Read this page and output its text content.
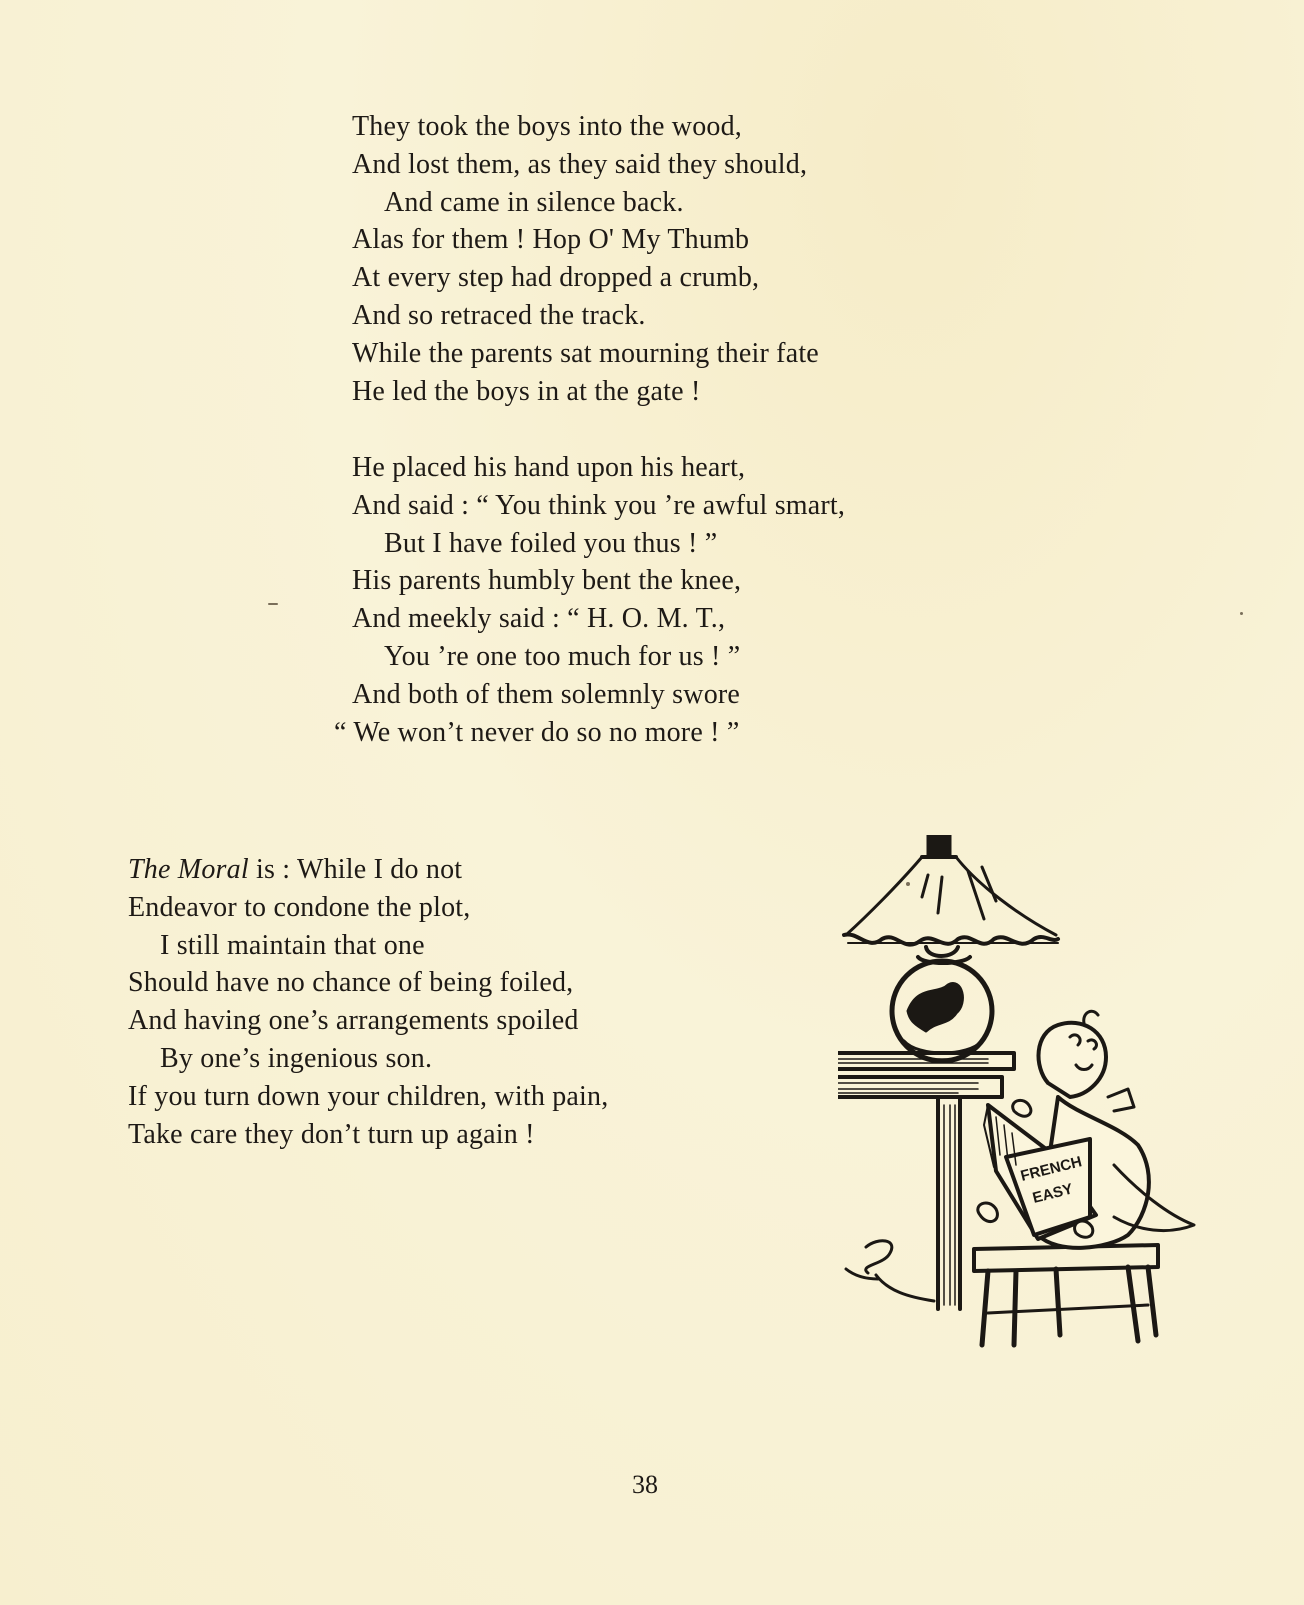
They took the boys into the wood,
And lost them, as they said they should,
And came in silence back.
Alas for them ! Hop O' My Thumb
At every step had dropped a crumb,
And so retraced the track.
While the parents sat mourning their fate
He led the boys in at the gate !
He placed his hand upon his heart,
And said : “ You think you ’re awful smart,
But I have foiled you thus ! ”
His parents humbly bent the knee,
And meekly said : “ H. O. M. T.,
You ’re one too much for us ! ”
And both of them solemnly swore
“ We won’t never do so no more ! ”
The Moral is : While I do not
Endeavor to condone the plot,
I still maintain that one
Should have no chance of being foiled,
And having one’s arrangements spoiled
By one’s ingenious son.
If you turn down your children, with pain,
Take care they don’t turn up again !
FRENCH
EASY
38
